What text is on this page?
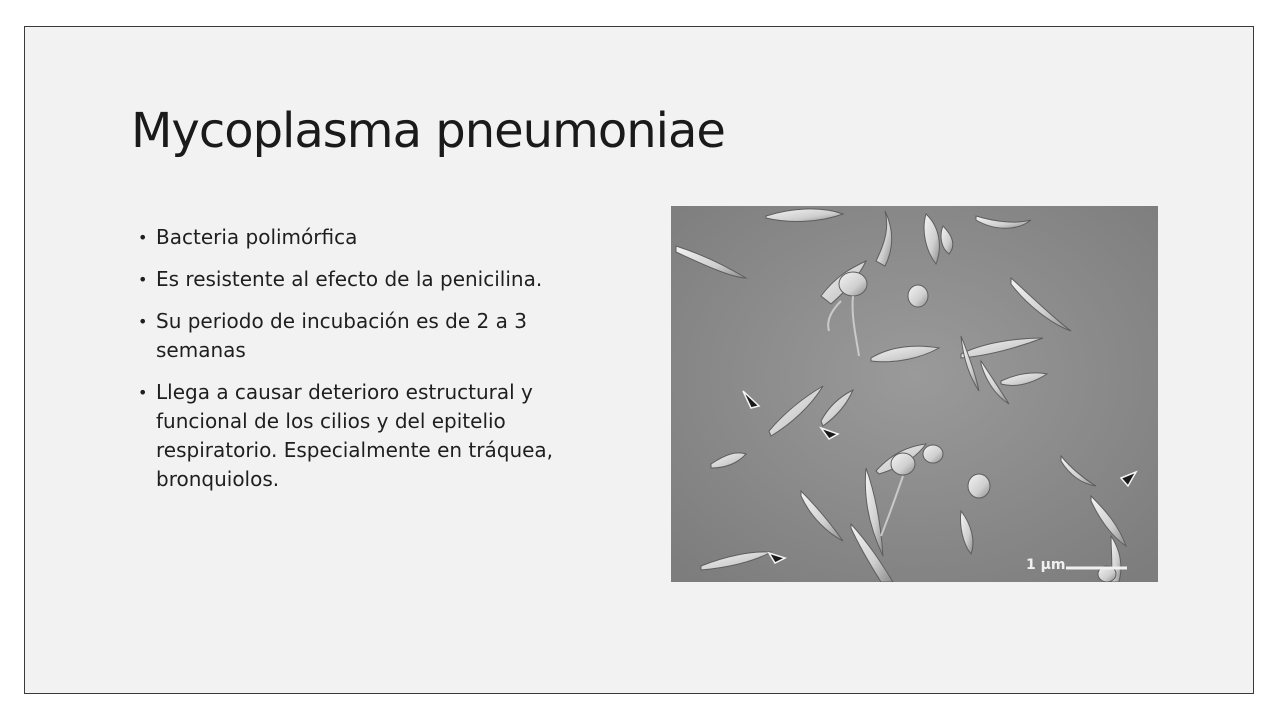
Mycoplasma pneumoniae
• Bacteria polimórfica
• Es resistente al efecto de la penicilina.
• Su periodo de incubación es de 2 a 3 semanas
• Llega a causar deterioro estructural y funcional de los cilios y del epitelio respiratorio. Especialmente en tráquea, bronquiolos.
1 µm
